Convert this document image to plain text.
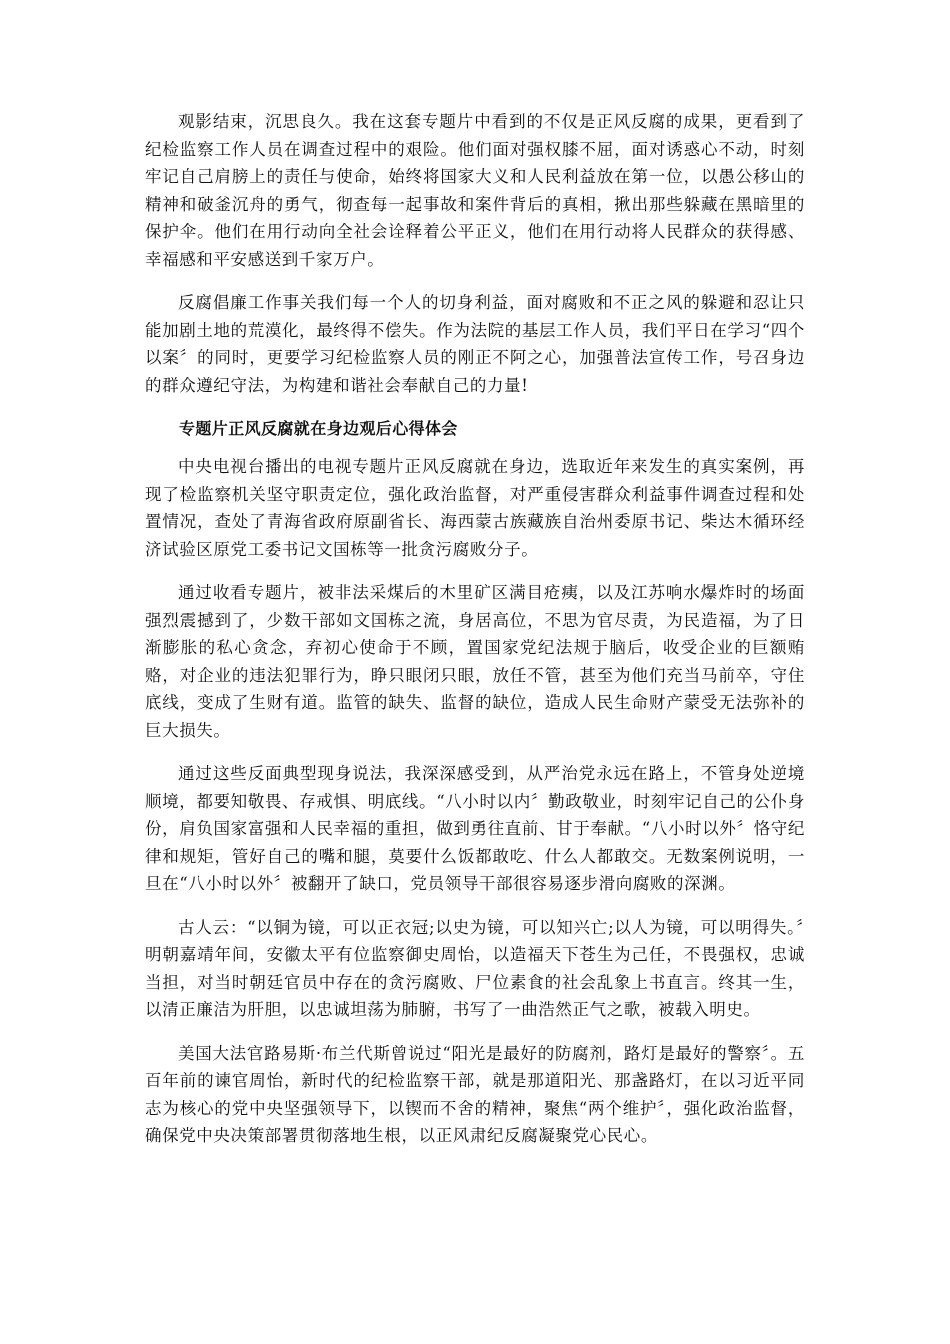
观影结束，沉思良久。我在这套专题片中看到的不仅是正风反腐的成果，更看到了纪检监察工作人员在调查过程中的艰险。他们面对强权膝不屈，面对诱惑心不动，时刻牢记自己肩膀上的责任与使命，始终将国家大义和人民利益放在第一位，以愚公移山的精神和破釜沉舟的勇气，彻查每一起事故和案件背后的真相，揪出那些躲藏在黑暗里的保护伞。他们在用行动向全社会诠释着公平正义，他们在用行动将人民群众的获得感、幸福感和平安感送到千家万户。

反腐倡廉工作事关我们每一个人的切身利益，面对腐败和不正之风的躲避和忍让只能加剧土地的荒漠化，最终得不偿失。作为法院的基层工作人员，我们平日在学习“四个以案〞的同时，更要学习纪检监察人员的刚正不阿之心，加强普法宣传工作，号召身边的群众遵纪守法，为构建和谐社会奉献自己的力量!

专题片正风反腐就在身边观后心得体会

中央电视台播出的电视专题片正风反腐就在身边，选取近年来发生的真实案例，再现了检监察机关坚守职责定位，强化政治监督，对严重侵害群众利益事件调查过程和处置情况，查处了青海省政府原副省长、海西蒙古族藏族自治州委原书记、柴达木循环经济试验区原党工委书记文国栋等一批贪污腐败分子。

通过收看专题片，被非法采煤后的木里矿区满目疮痍，以及江苏响水爆炸时的场面强烈震撼到了，少数干部如文国栋之流，身居高位，不思为官尽责，为民造福，为了日渐膨胀的私心贪念，弃初心使命于不顾，置国家党纪法规于脑后，收受企业的巨额贿赂，对企业的违法犯罪行为，睁只眼闭只眼，放任不管，甚至为他们充当马前卒，守住底线，变成了生财有道。监管的缺失、监督的缺位，造成人民生命财产蒙受无法弥补的巨大损失。

通过这些反面典型现身说法，我深深感受到，从严治党永远在路上，不管身处逆境顺境，都要知敬畏、存戒惧、明底线。“八小时以内〞勤政敬业，时刻牢记自己的公仆身份，肩负国家富强和人民幸福的重担，做到勇往直前、甘于奉献。“八小时以外〞恪守纪律和规矩，管好自己的嘴和腿，莫要什么饭都敢吃、什么人都敢交。无数案例说明，一旦在“八小时以外〞被翻开了缺口，党员领导干部很容易逐步滑向腐败的深渊。

古人云：“以铜为镜，可以正衣冠;以史为镜，可以知兴亡;以人为镜，可以明得失。〞明朝嘉靖年间，安徽太平有位监察御史周怡，以造福天下苍生为己任，不畏强权，忠诚当担，对当时朝廷官员中存在的贪污腐败、尸位素食的社会乱象上书直言。终其一生，以清正廉洁为肝胆，以忠诚坦荡为肺腑，书写了一曲浩然正气之歌，被载入明史。

美国大法官路易斯·布兰代斯曾说过“阳光是最好的防腐剂，路灯是最好的警察〞。五百年前的谏官周怡，新时代的纪检监察干部，就是那道阳光、那盏路灯，在以习近平同志为核心的党中央坚强领导下，以锲而不舍的精神，聚焦“两个维护〞，强化政治监督，确保党中央决策部署贯彻落地生根，以正风肃纪反腐凝聚党心民心。
